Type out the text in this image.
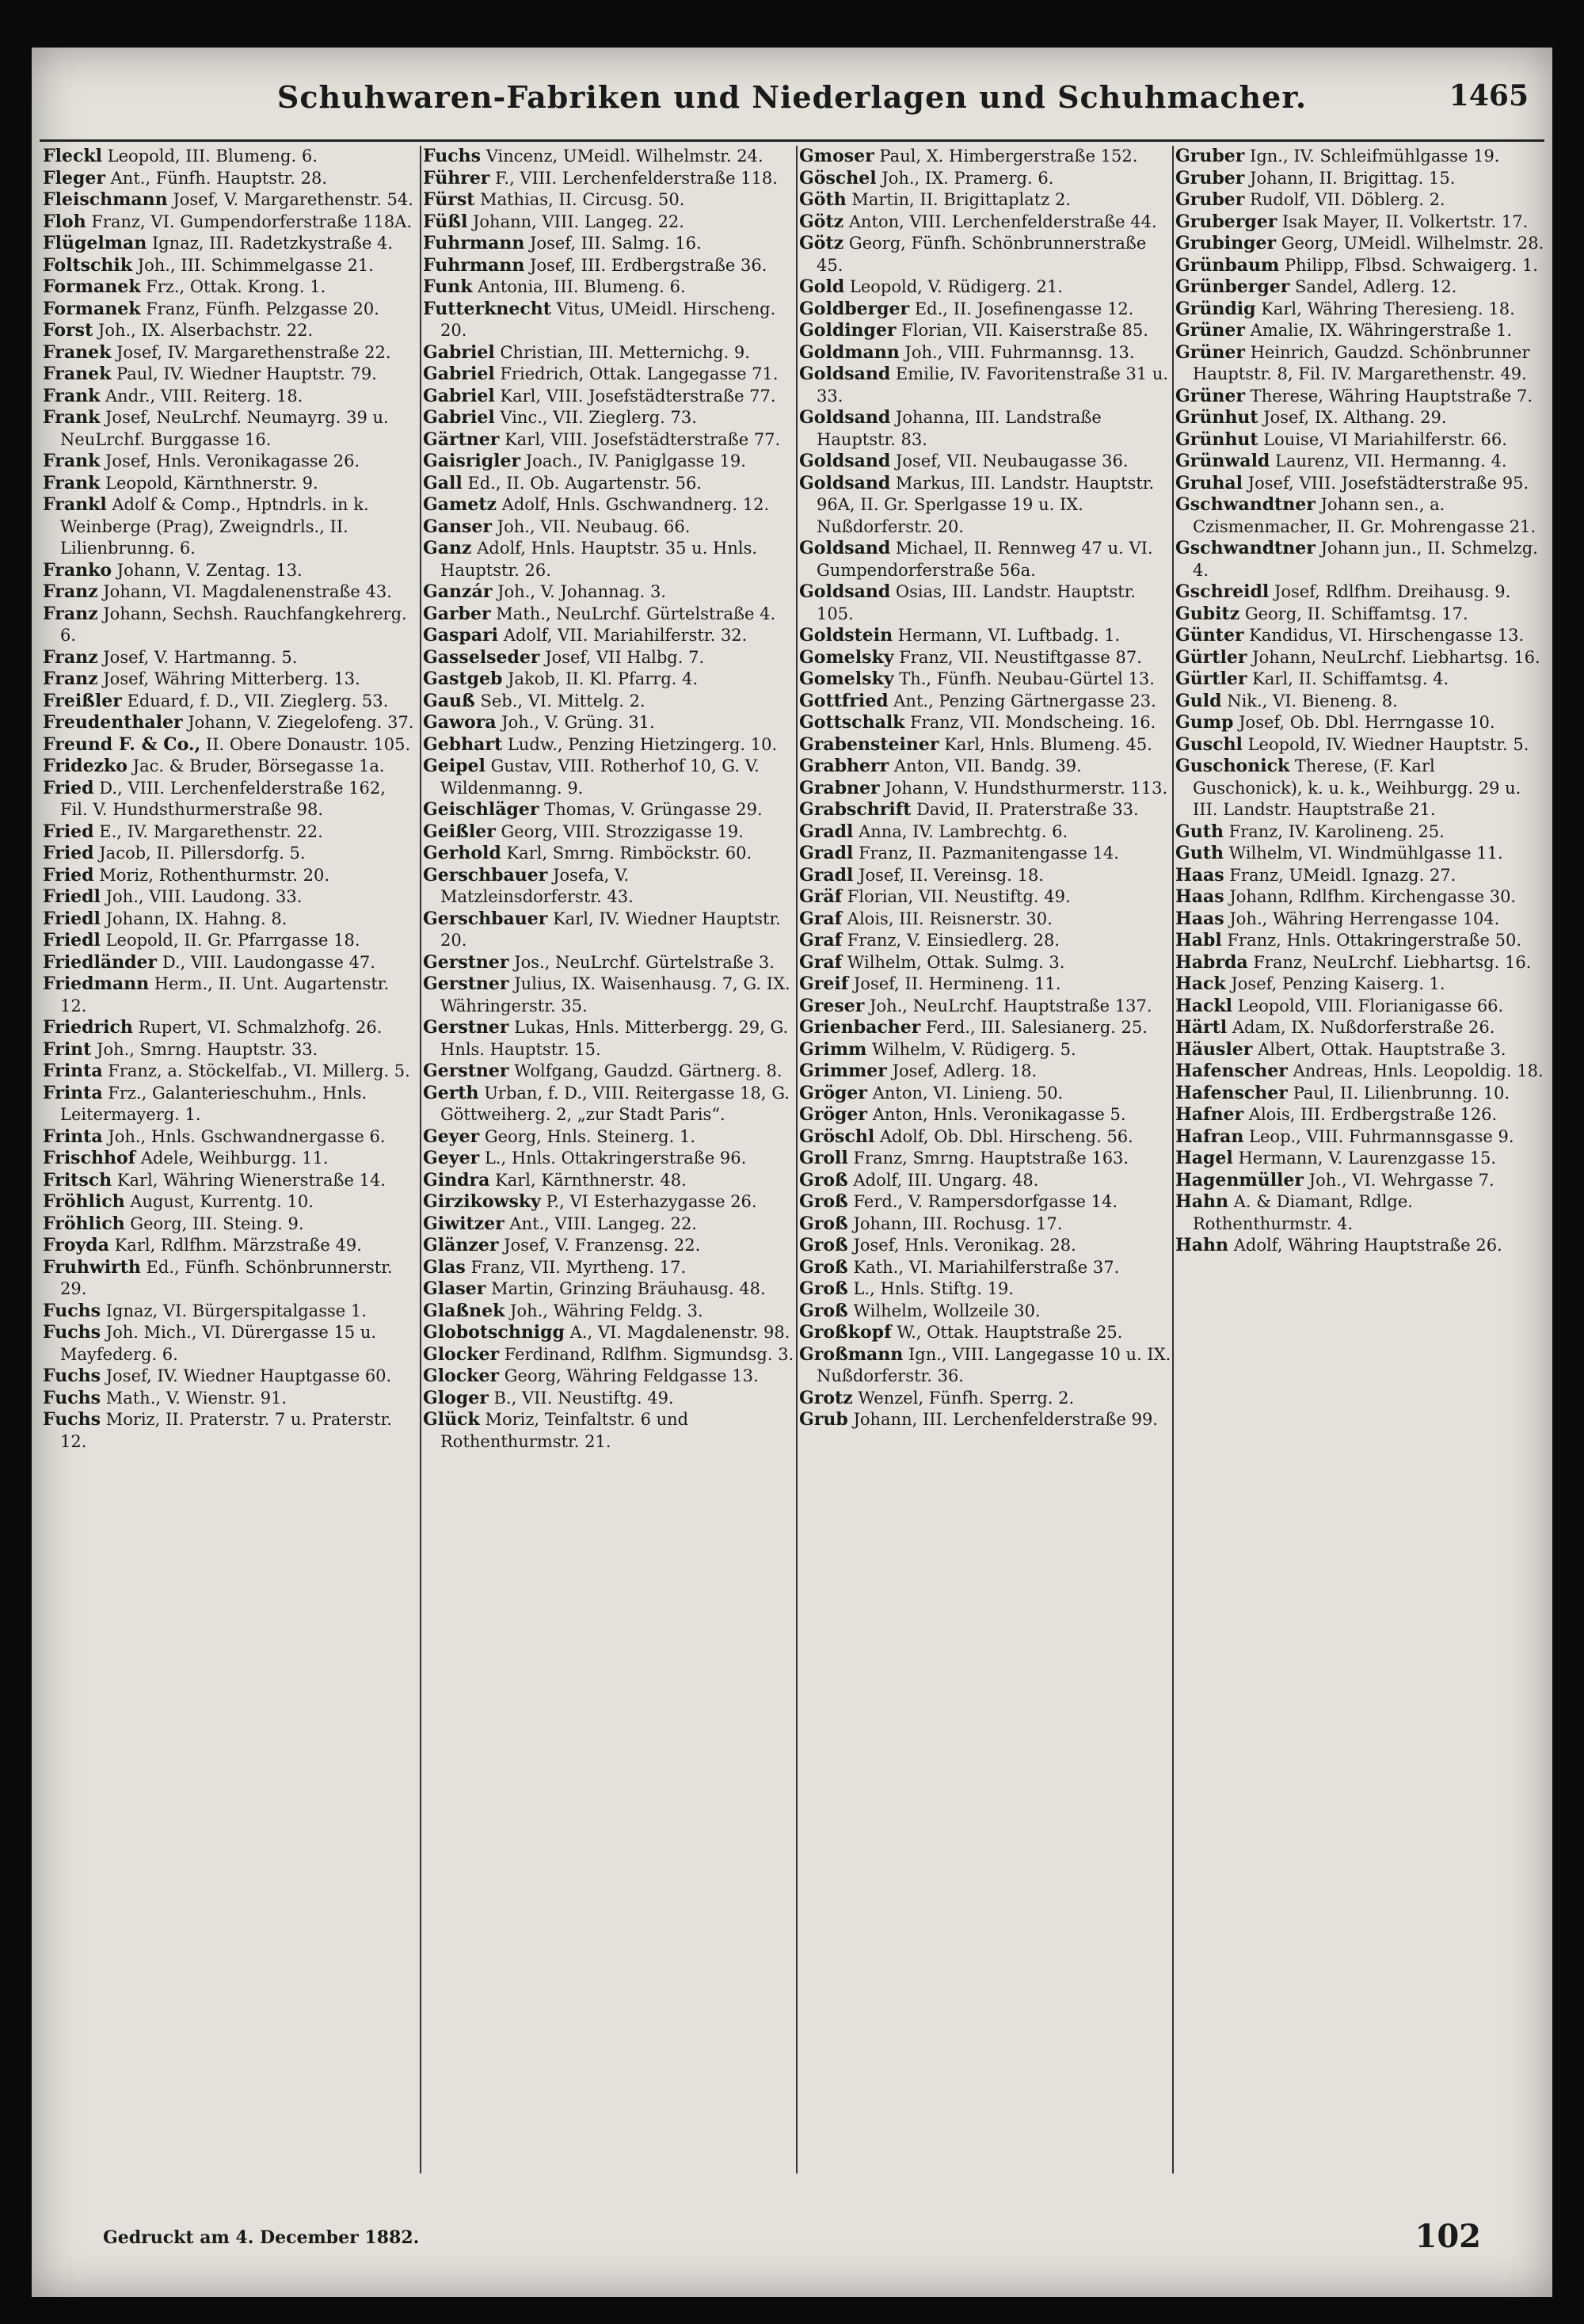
Schuhwaren-Fabriken und Niederlagen und Schuhmacher.	1465

Fleckl Leopold, III. Blumeng. 6.

Fleger Ant., Fünfh. Hauptstr. 28.

Fleischmann Josef, V. Margarethenstr. 54.

Floh Franz, VI. Gumpendorferstraße 118A.

Flügelman Ignaz, III. Radetzkystraße 4.

Foltschik Joh., III. Schimmelgasse 21.

Formanek Frz., Ottak. Krong. 1.

Formanek Franz, Fünfh. Pelzgasse 20.

Forst Joh., IX. Alserbachstr. 22.

Franek Josef, IV. Margarethenstraße 22.

Franek Paul, IV. Wiedner Hauptstr. 79.

Frank Andr., VIII. Reiterg. 18.

Frank Josef, NeuLrchf. Neumayrg. 39 u. NeuLrchf. Burggasse 16.

Frank Josef, Hnls. Veronikagasse 26.

Frank Leopold, Kärnthnerstr. 9.

Frankl Adolf & Comp., Hptndrls. in k. Weinberge (Prag), Zweigndrls., II. Lilienbrunng. 6.

Franko Johann, V. Zentag. 13.

Franz Johann, VI. Magdalenenstraße 43.

Franz Johann, Sechsh. Rauchfangkehrerg. 6.

Franz Josef, V. Hartmanng. 5.

Franz Josef, Währing Mitterberg. 13.

Freißler Eduard, f. D., VII. Zieglerg. 53.

Freudenthaler Johann, V. Ziegelofeng. 37.

Freund F. & Co., II. Obere Donaustr. 105.

Fridezko Jac. & Bruder, Börsegasse 1a.

Fried D., VIII. Lerchenfelderstraße 162, Fil. V. Hundsthurmerstraße 98.

Fried E., IV. Margarethenstr. 22.

Fried Jacob, II. Pillersdorfg. 5.

Fried Moriz, Rothenthurmstr. 20.

Friedl Joh., VIII. Laudong. 33.

Friedl Johann, IX. Hahng. 8.

Friedl Leopold, II. Gr. Pfarrgasse 18.

Friedländer D., VIII. Laudongasse 47.

Friedmann Herm., II. Unt. Augartenstr. 12.

Friedrich Rupert, VI. Schmalzhofg. 26.

Frint Joh., Smrng. Hauptstr. 33.

Frinta Franz, a. Stöckelfab., VI. Millerg. 5.

Frinta Frz., Galanterieschuhm., Hnls. Leitermayerg. 1.

Frinta Joh., Hnls. Gschwandnergasse 6.

Frischhof Adele, Weihburgg. 11.

Fritsch Karl, Währing Wienerstraße 14.

Fröhlich August, Kurrentg. 10.

Fröhlich Georg, III. Steing. 9.

Froyda Karl, Rdlfhm. Märzstraße 49.

Fruhwirth Ed., Fünfh. Schönbrunnerstr. 29.

Fuchs Ignaz, VI. Bürgerspitalgasse 1.

Fuchs Joh. Mich., VI. Dürergasse 15 u. Mayfederg. 6.

Fuchs Josef, IV. Wiedner Hauptgasse 60.

Fuchs Math., V. Wienstr. 91.

Fuchs Moriz, II. Praterstr. 7 u. Praterstr. 12.

Fuchs Vincenz, UMeidl. Wilhelmstr. 24.

Führer F., VIII. Lerchenfelderstraße 118.

Fürst Mathias, II. Circusg. 50.

Füßl Johann, VIII. Langeg. 22.

Fuhrmann Josef, III. Salmg. 16.

Fuhrmann Josef, III. Erdbergstraße 36.

Funk Antonia, III. Blumeng. 6.

Futterknecht Vitus, UMeidl. Hirscheng. 20.

Gabriel Christian, III. Metternichg. 9.

Gabriel Friedrich, Ottak. Langegasse 71.

Gabriel Karl, VIII. Josefstädterstraße 77.

Gabriel Vinc., VII. Zieglerg. 73.

Gärtner Karl, VIII. Josefstädterstraße 77.

Gaisrigler Joach., IV. Paniglgasse 19.

Gall Ed., II. Ob. Augartenstr. 56.

Gametz Adolf, Hnls. Gschwandnerg. 12.

Ganser Joh., VII. Neubaug. 66.

Ganz Adolf, Hnls. Hauptstr. 35 u. Hnls. Hauptstr. 26.

Ganzár Joh., V. Johannag. 3.

Garber Math., NeuLrchf. Gürtelstraße 4.

Gaspari Adolf, VII. Mariahilferstr. 32.

Gasselseder Josef, VII Halbg. 7.

Gastgeb Jakob, II. Kl. Pfarrg. 4.

Gauß Seb., VI. Mittelg. 2.

Gawora Joh., V. Grüng. 31.

Gebhart Ludw., Penzing Hietzingerg. 10.

Geipel Gustav, VIII. Rotherhof 10, G. V. Wildenmanng. 9.

Geischläger Thomas, V. Grüngasse 29.

Geißler Georg, VIII. Strozzigasse 19.

Gerhold Karl, Smrng. Rimböckstr. 60.

Gerschbauer Josefa, V. Matzleinsdorferstr. 43.

Gerschbauer Karl, IV. Wiedner Hauptstr. 20.

Gerstner Jos., NeuLrchf. Gürtelstraße 3.

Gerstner Julius, IX. Waisenhausg. 7, G. IX. Währingerstr. 35.

Gerstner Lukas, Hnls. Mitterbergg. 29, G. Hnls. Hauptstr. 15.

Gerstner Wolfgang, Gaudzd. Gärtnerg. 8.

Gerth Urban, f. D., VIII. Reitergasse 18, G. Göttweiherg. 2, „zur Stadt Paris“.

Geyer Georg, Hnls. Steinerg. 1.

Geyer L., Hnls. Ottakringerstraße 96.

Gindra Karl, Kärnthnerstr. 48.

Girzikowsky P., VI Esterhazygasse 26.

Giwitzer Ant., VIII. Langeg. 22.

Glänzer Josef, V. Franzensg. 22.

Glas Franz, VII. Myrtheng. 17.

Glaser Martin, Grinzing Bräuhausg. 48.

Glaßnek Joh., Währing Feldg. 3.

Globotschnigg A., VI. Magdalenenstr. 98.

Glocker Ferdinand, Rdlfhm. Sigmundsg. 3.

Glocker Georg, Währing Feldgasse 13.

Gloger B., VII. Neustiftg. 49.

Glück Moriz, Teinfaltstr. 6 und Rothenthurmstr. 21.

Gmoser Paul, X. Himbergerstraße 152.

Göschel Joh., IX. Pramerg. 6.

Göth Martin, II. Brigittaplatz 2.

Götz Anton, VIII. Lerchenfelderstraße 44.

Götz Georg, Fünfh. Schönbrunnerstraße 45.

Gold Leopold, V. Rüdigerg. 21.

Goldberger Ed., II. Josefinengasse 12.

Goldinger Florian, VII. Kaiserstraße 85.

Goldmann Joh., VIII. Fuhrmannsg. 13.

Goldsand Emilie, IV. Favoritenstraße 31 u. 33.

Goldsand Johanna, III. Landstraße Hauptstr. 83.

Goldsand Josef, VII. Neubaugasse 36.

Goldsand Markus, III. Landstr. Hauptstr. 96A, II. Gr. Sperlgasse 19 u. IX. Nußdorferstr. 20.

Goldsand Michael, II. Rennweg 47 u. VI. Gumpendorferstraße 56a.

Goldsand Osias, III. Landstr. Hauptstr. 105.

Goldstein Hermann, VI. Luftbadg. 1.

Gomelsky Franz, VII. Neustiftgasse 87.

Gomelsky Th., Fünfh. Neubau-Gürtel 13.

Gottfried Ant., Penzing Gärtnergasse 23.

Gottschalk Franz, VII. Mondscheing. 16.

Grabensteiner Karl, Hnls. Blumeng. 45.

Grabherr Anton, VII. Bandg. 39.

Grabner Johann, V. Hundsthurmerstr. 113.

Grabschrift David, II. Praterstraße 33.

Gradl Anna, IV. Lambrechtg. 6.

Gradl Franz, II. Pazmanitengasse 14.

Gradl Josef, II. Vereinsg. 18.

Gräf Florian, VII. Neustiftg. 49.

Graf Alois, III. Reisnerstr. 30.

Graf Franz, V. Einsiedlerg. 28.

Graf Wilhelm, Ottak. Sulmg. 3.

Greif Josef, II. Hermineng. 11.

Greser Joh., NeuLrchf. Hauptstraße 137.

Grienbacher Ferd., III. Salesianerg. 25.

Grimm Wilhelm, V. Rüdigerg. 5.

Grimmer Josef, Adlerg. 18.

Gröger Anton, VI. Linieng. 50.

Gröger Anton, Hnls. Veronikagasse 5.

Gröschl Adolf, Ob. Dbl. Hirscheng. 56.

Groll Franz, Smrng. Hauptstraße 163.

Groß Adolf, III. Ungarg. 48.

Groß Ferd., V. Rampersdorfgasse 14.

Groß Johann, III. Rochusg. 17.

Groß Josef, Hnls. Veronikag. 28.

Groß Kath., VI. Mariahilferstraße 37.

Groß L., Hnls. Stiftg. 19.

Groß Wilhelm, Wollzeile 30.

Großkopf W., Ottak. Hauptstraße 25.

Großmann Ign., VIII. Langegasse 10 u. IX. Nußdorferstr. 36.

Grotz Wenzel, Fünfh. Sperrg. 2.

Grub Johann, III. Lerchenfelderstraße 99.

Gruber Ign., IV. Schleifmühlgasse 19.

Gruber Johann, II. Brigittag. 15.

Gruber Rudolf, VII. Döblerg. 2.

Gruberger Isak Mayer, II. Volkertstr. 17.

Grubinger Georg, UMeidl. Wilhelmstr. 28.

Grünbaum Philipp, Flbsd. Schwaigerg. 1.

Grünberger Sandel, Adlerg. 12.

Gründig Karl, Währing Theresieng. 18.

Grüner Amalie, IX. Währingerstraße 1.

Grüner Heinrich, Gaudzd. Schönbrunner Hauptstr. 8, Fil. IV. Margarethenstr. 49.

Grüner Therese, Währing Hauptstraße 7.

Grünhut Josef, IX. Althang. 29.

Grünhut Louise, VI Mariahilferstr. 66.

Grünwald Laurenz, VII. Hermanng. 4.

Gruhal Josef, VIII. Josefstädterstraße 95.

Gschwandtner Johann sen., a. Czismenmacher, II. Gr. Mohrengasse 21.

Gschwandtner Johann jun., II. Schmelzg. 4.

Gschreidl Josef, Rdlfhm. Dreihausg. 9.

Gubitz Georg, II. Schiffamtsg. 17.

Günter Kandidus, VI. Hirschengasse 13.

Gürtler Johann, NeuLrchf. Liebhartsg. 16.

Gürtler Karl, II. Schiffamtsg. 4.

Guld Nik., VI. Bieneng. 8.

Gump Josef, Ob. Dbl. Herrngasse 10.

Guschl Leopold, IV. Wiedner Hauptstr. 5.

Guschonick Therese, (F. Karl Guschonick), k. u. k., Weihburgg. 29 u. III. Landstr. Hauptstraße 21.

Guth Franz, IV. Karolineng. 25.

Guth Wilhelm, VI. Windmühlgasse 11.

Haas Franz, UMeidl. Ignazg. 27.

Haas Johann, Rdlfhm. Kirchengasse 30.

Haas Joh., Währing Herrengasse 104.

Habl Franz, Hnls. Ottakringerstraße 50.

Habrda Franz, NeuLrchf. Liebhartsg. 16.

Hack Josef, Penzing Kaiserg. 1.

Hackl Leopold, VIII. Florianigasse 66.

Härtl Adam, IX. Nußdorferstraße 26.

Häusler Albert, Ottak. Hauptstraße 3.

Hafenscher Andreas, Hnls. Leopoldig. 18.

Hafenscher Paul, II. Lilienbrunng. 10.

Hafner Alois, III. Erdbergstraße 126.

Hafran Leop., VIII. Fuhrmannsgasse 9.

Hagel Hermann, V. Laurenzgasse 15.

Hagenmüller Joh., VI. Wehrgasse 7.

Hahn A. & Diamant, Rdlge. Rothenthurmstr. 4.

Hahn Adolf, Währing Hauptstraße 26.

Gedruckt am 4. December 1882.	102
